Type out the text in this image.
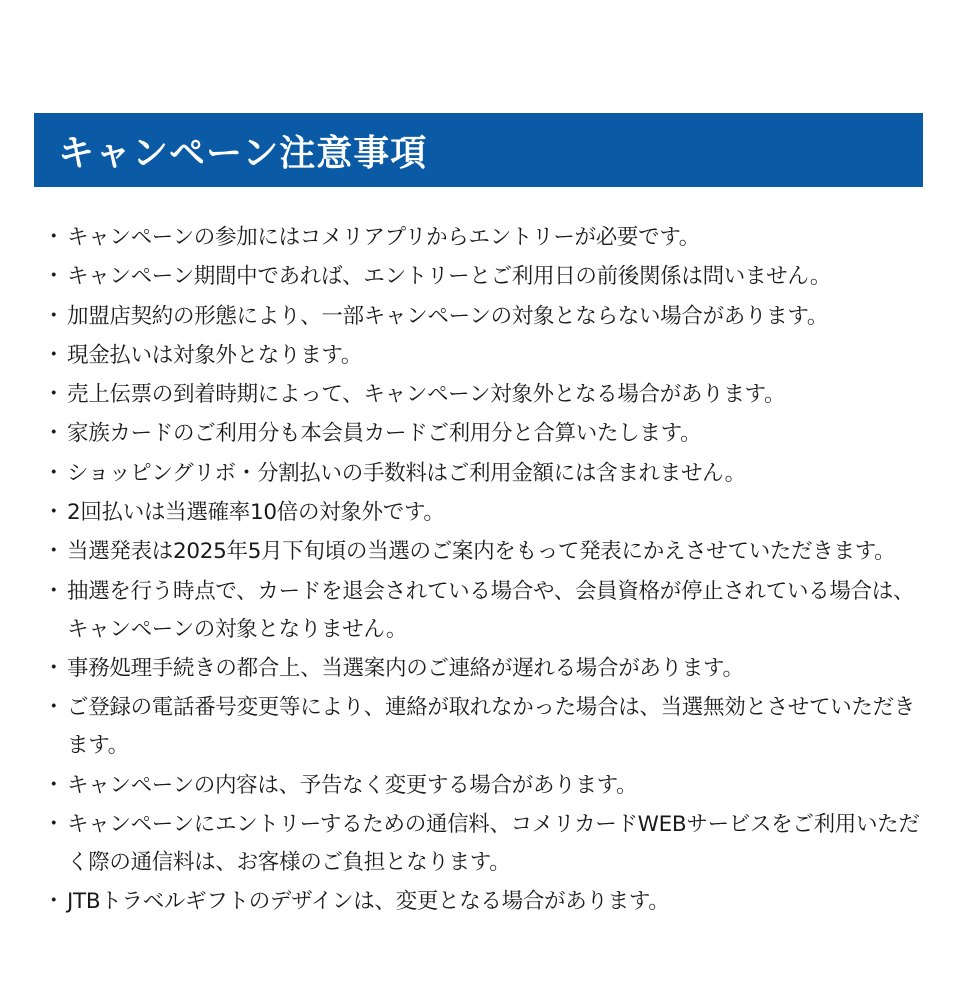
キャンペーン注意事項
・ キャンペーンの参加にはコメリアプリからエントリーが必要です。
・ キャンペーン期間中であれば、エントリーとご利用日の前後関係は問いません。
・ 加盟店契約の形態により、一部キャンペーンの対象とならない場合があります。
・ 現金払いは対象外となります。
・ 売上伝票の到着時期によって、キャンペーン対象外となる場合があります。
・ 家族カードのご利用分も本会員カードご利用分と合算いたします。
・ ショッピングリボ・分割払いの手数料はご利用金額には含まれません。
・ 2回払いは当選確率10倍の対象外です。
・ 当選発表は2025年5月下旬頃の当選のご案内をもって発表にかえさせていただきます。
・ 抽選を行う時点で、カードを退会されている場合や、会員資格が停止されている場合は、キャンペーンの対象となりません。
・ 事務処理手続きの都合上、当選案内のご連絡が遅れる場合があります。
・ ご登録の電話番号変更等により、連絡が取れなかった場合は、当選無効とさせていただきます。
・ キャンペーンの内容は、予告なく変更する場合があります。
・ キャンペーンにエントリーするための通信料、コメリカードWEBサービスをご利用いただく際の通信料は、お客様のご負担となります。
・ JTBトラベルギフトのデザインは、変更となる場合があります。
